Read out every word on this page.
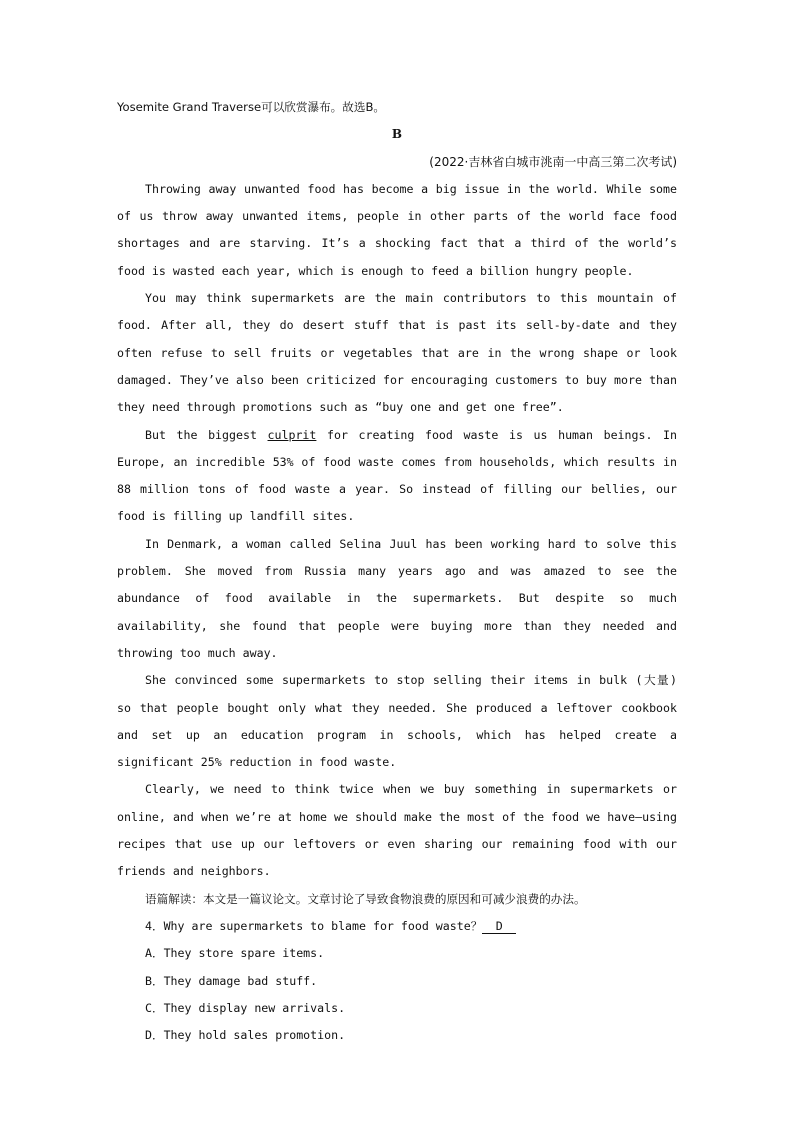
Yosemite Grand Traverse可以欣赏瀑布。故选B。
B
(2022·吉林省白城市洮南一中高三第二次考试)

Throwing away unwanted food has become a big issue in the world. While some of us throw away unwanted items, people in other parts of the world face food shortages and are starving. It’s a shocking fact that a third of the world’s food is wasted each year, which is enough to feed a billion hungry people.

You may think supermarkets are the main contributors to this mountain of food. After all, they do desert stuff that is past its sell-by-date and they often refuse to sell fruits or vegetables that are in the wrong shape or look damaged. They’ve also been criticized for encouraging customers to buy more than they need through promotions such as “buy one and get one free”.

But the biggest culprit for creating food waste is us human beings. In Europe, an incredible 53% of food waste comes from households, which results in 88 million tons of food waste a year. So instead of filling our bellies, our food is filling up landfill sites.

In Denmark, a woman called Selina Juul has been working hard to solve this problem. She moved from Russia many years ago and was amazed to see the abundance of food available in the supermarkets. But despite so much availability, she found that people were buying more than they needed and throwing too much away.

She convinced some supermarkets to stop selling their items in bulk (大量) so that people bought only what they needed. She produced a leftover cookbook and set up an education program in schools, which has helped create a significant 25% reduction in food waste.

Clearly, we need to think twice when we buy something in supermarkets or online, and when we’re at home we should make the most of the food we have—using recipes that use up our leftovers or even sharing our remaining food with our friends and neighbors.

语篇解读：本文是一篇议论文。文章讨论了导致食物浪费的原因和可减少浪费的办法。
4．Why are supermarkets to blame for food waste？ D
A．They store spare items.
B．They damage bad stuff.
C．They display new arrivals.
D．They hold sales promotion.
